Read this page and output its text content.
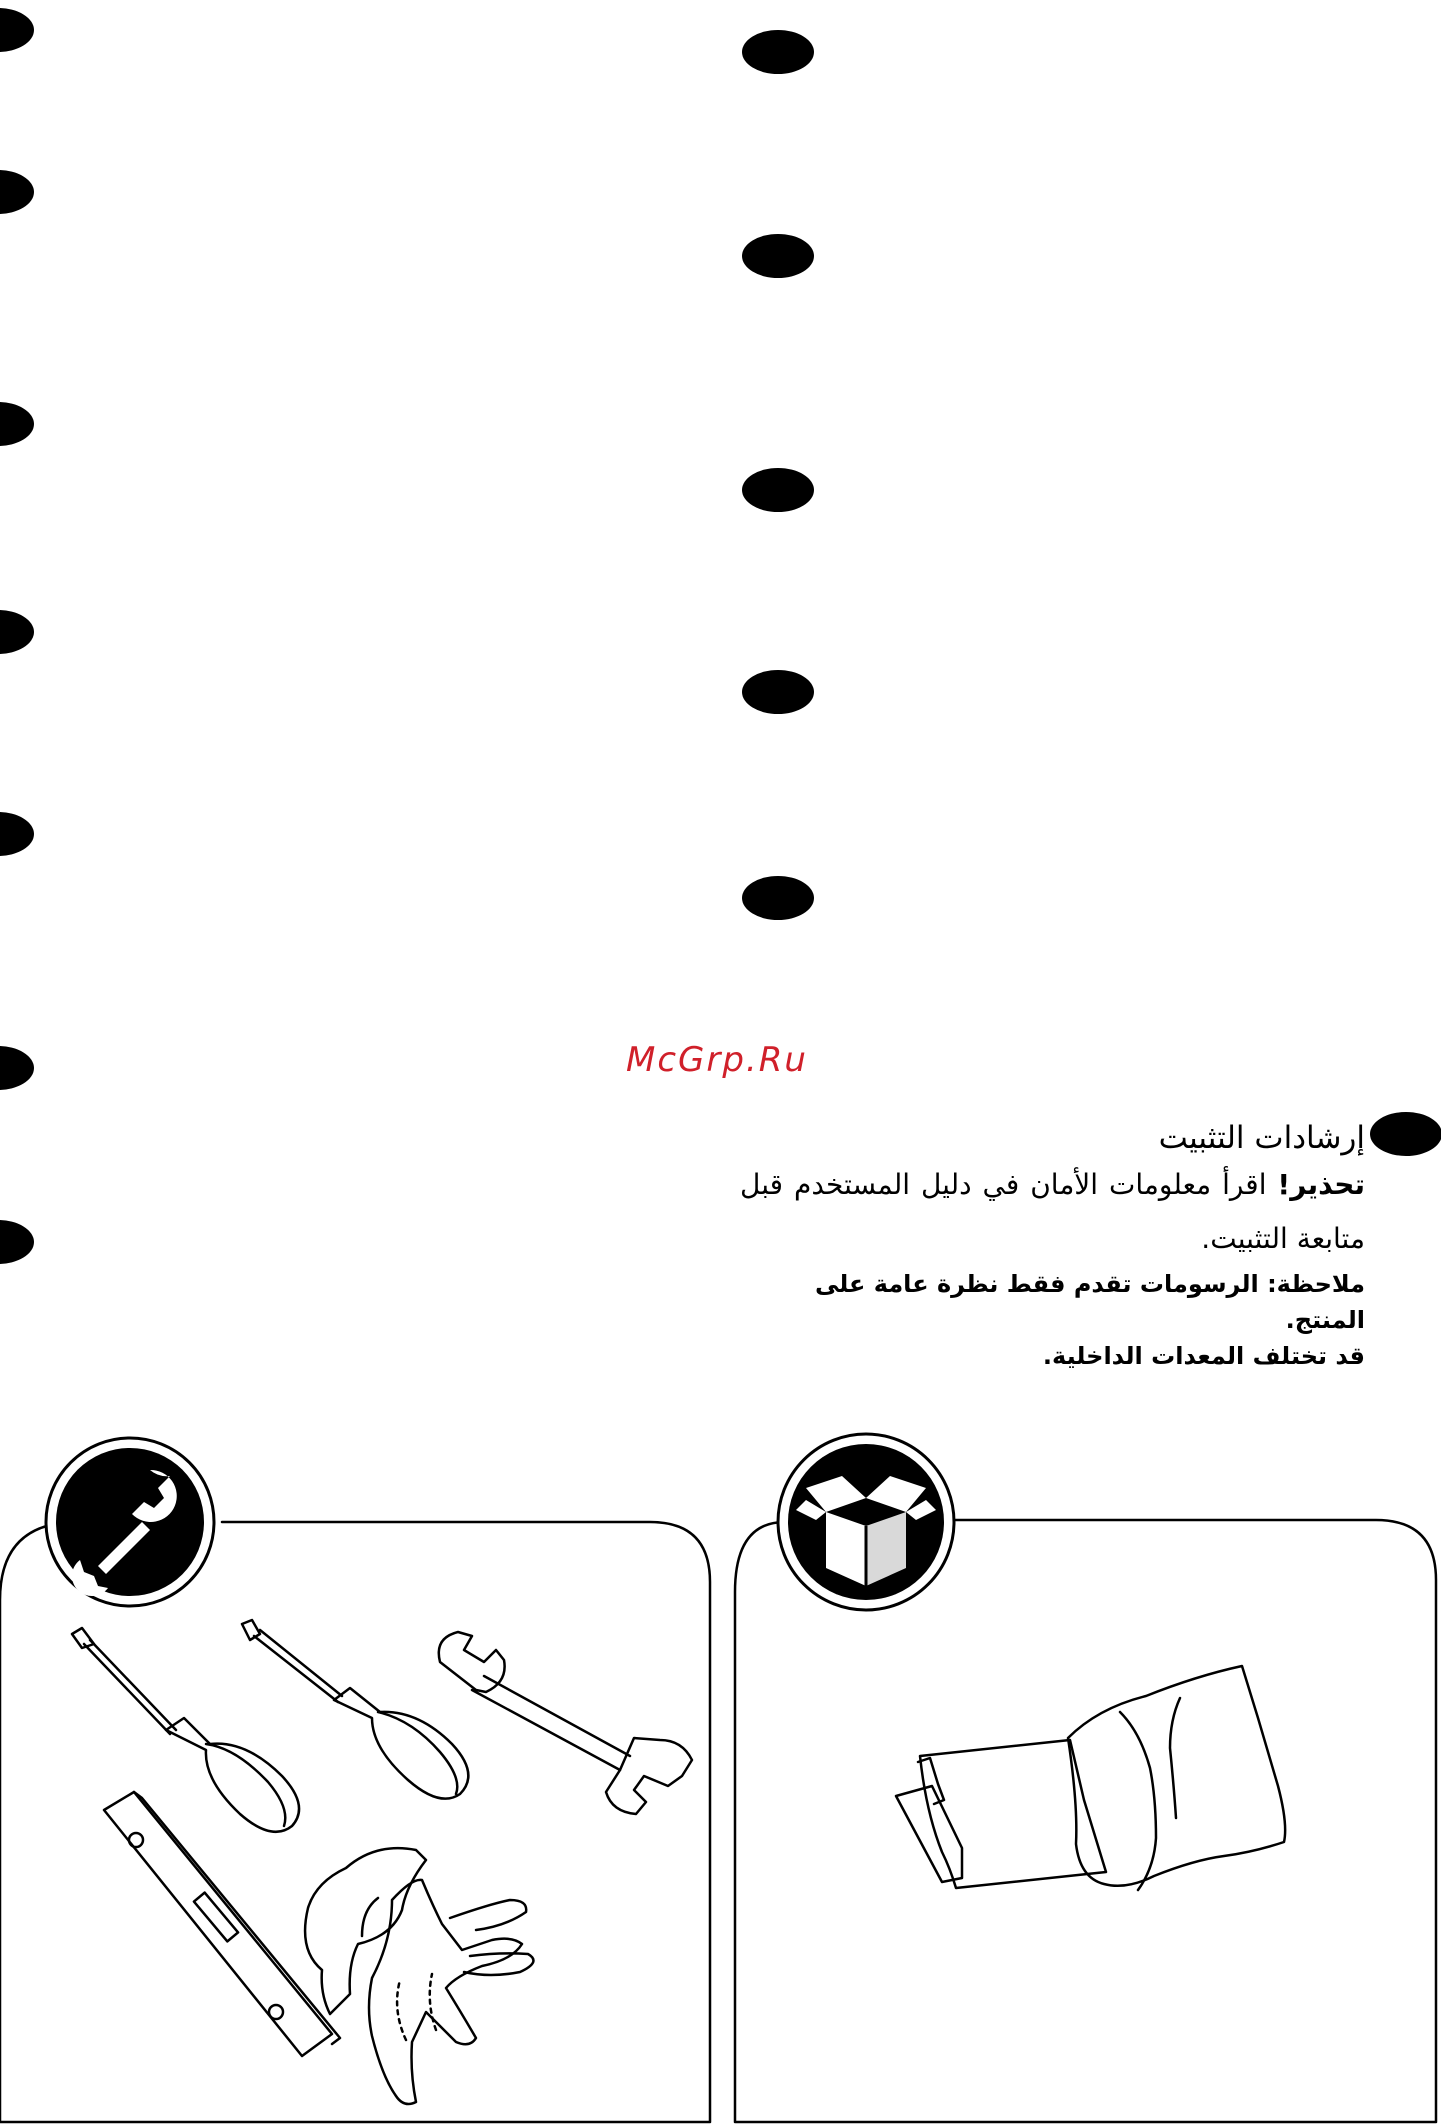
McGrp.Ru
إرشادات التثبيت
تحذير! اقرأ معلومات الأمان في دليل المستخدم قبل متابعة التثبيت.
ملاحظة: الرسومات تقدم فقط نظرة عامة على المنتج.
قد تختلف المعدات الداخلية.
